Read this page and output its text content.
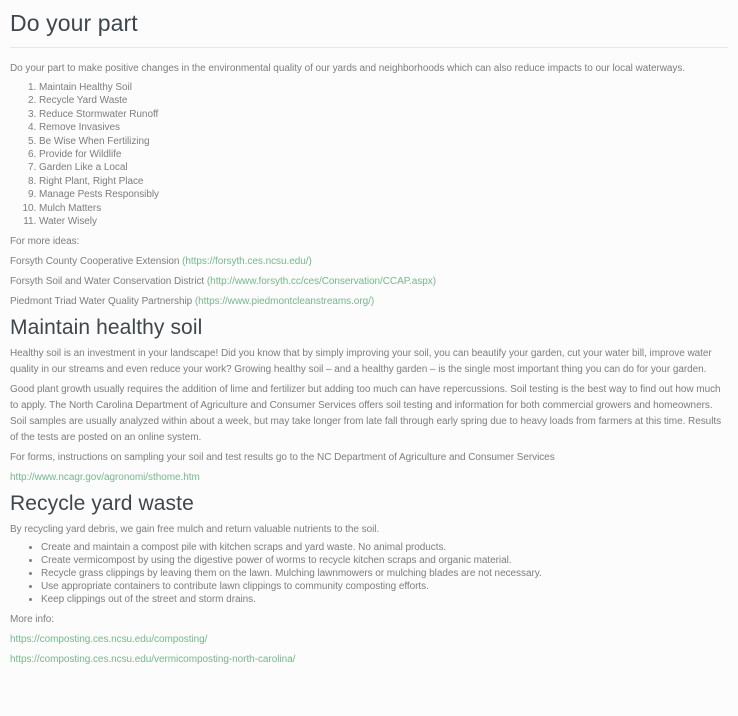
Do your part

Do your part to make positive changes in the environmental quality of our yards and neighborhoods which can also reduce impacts to our local waterways.

1. Maintain Healthy Soil
2. Recycle Yard Waste
3. Reduce Stormwater Runoff
4. Remove Invasives
5. Be Wise When Fertilizing
6. Provide for Wildlife
7. Garden Like a Local
8. Right Plant, Right Place
9. Manage Pests Responsibly
10. Mulch Matters
11. Water Wisely

For more ideas:

Forsyth County Cooperative Extension (https://forsyth.ces.ncsu.edu/)

Forsyth Soil and Water Conservation District (http://www.forsyth.cc/ces/Conservation/CCAP.aspx)

Piedmont Triad Water Quality Partnership (https://www.piedmontcleanstreams.org/)

Maintain healthy soil

Healthy soil is an investment in your landscape! Did you know that by simply improving your soil, you can beautify your garden, cut your water bill, improve water quality in our streams and even reduce your work? Growing healthy soil – and a healthy garden – is the single most important thing you can do for your garden.

Good plant growth usually requires the addition of lime and fertilizer but adding too much can have repercussions. Soil testing is the best way to find out how much to apply. The North Carolina Department of Agriculture and Consumer Services offers soil testing and information for both commercial growers and homeowners. Soil samples are usually analyzed within about a week, but may take longer from late fall through early spring due to heavy loads from farmers at this time. Results of the tests are posted on an online system.

For forms, instructions on sampling your soil and test results go to the NC Department of Agriculture and Consumer Services

http://www.ncagr.gov/agronomi/sthome.htm

Recycle yard waste

By recycling yard debris, we gain free mulch and return valuable nutrients to the soil.

• Create and maintain a compost pile with kitchen scraps and yard waste. No animal products.
• Create vermicompost by using the digestive power of worms to recycle kitchen scraps and organic material.
• Recycle grass clippings by leaving them on the lawn. Mulching lawnmowers or mulching blades are not necessary.
• Use appropriate containers to contribute lawn clippings to community composting efforts.
• Keep clippings out of the street and storm drains.

More info:

https://composting.ces.ncsu.edu/composting/

https://composting.ces.ncsu.edu/vermicomposting-north-carolina/
